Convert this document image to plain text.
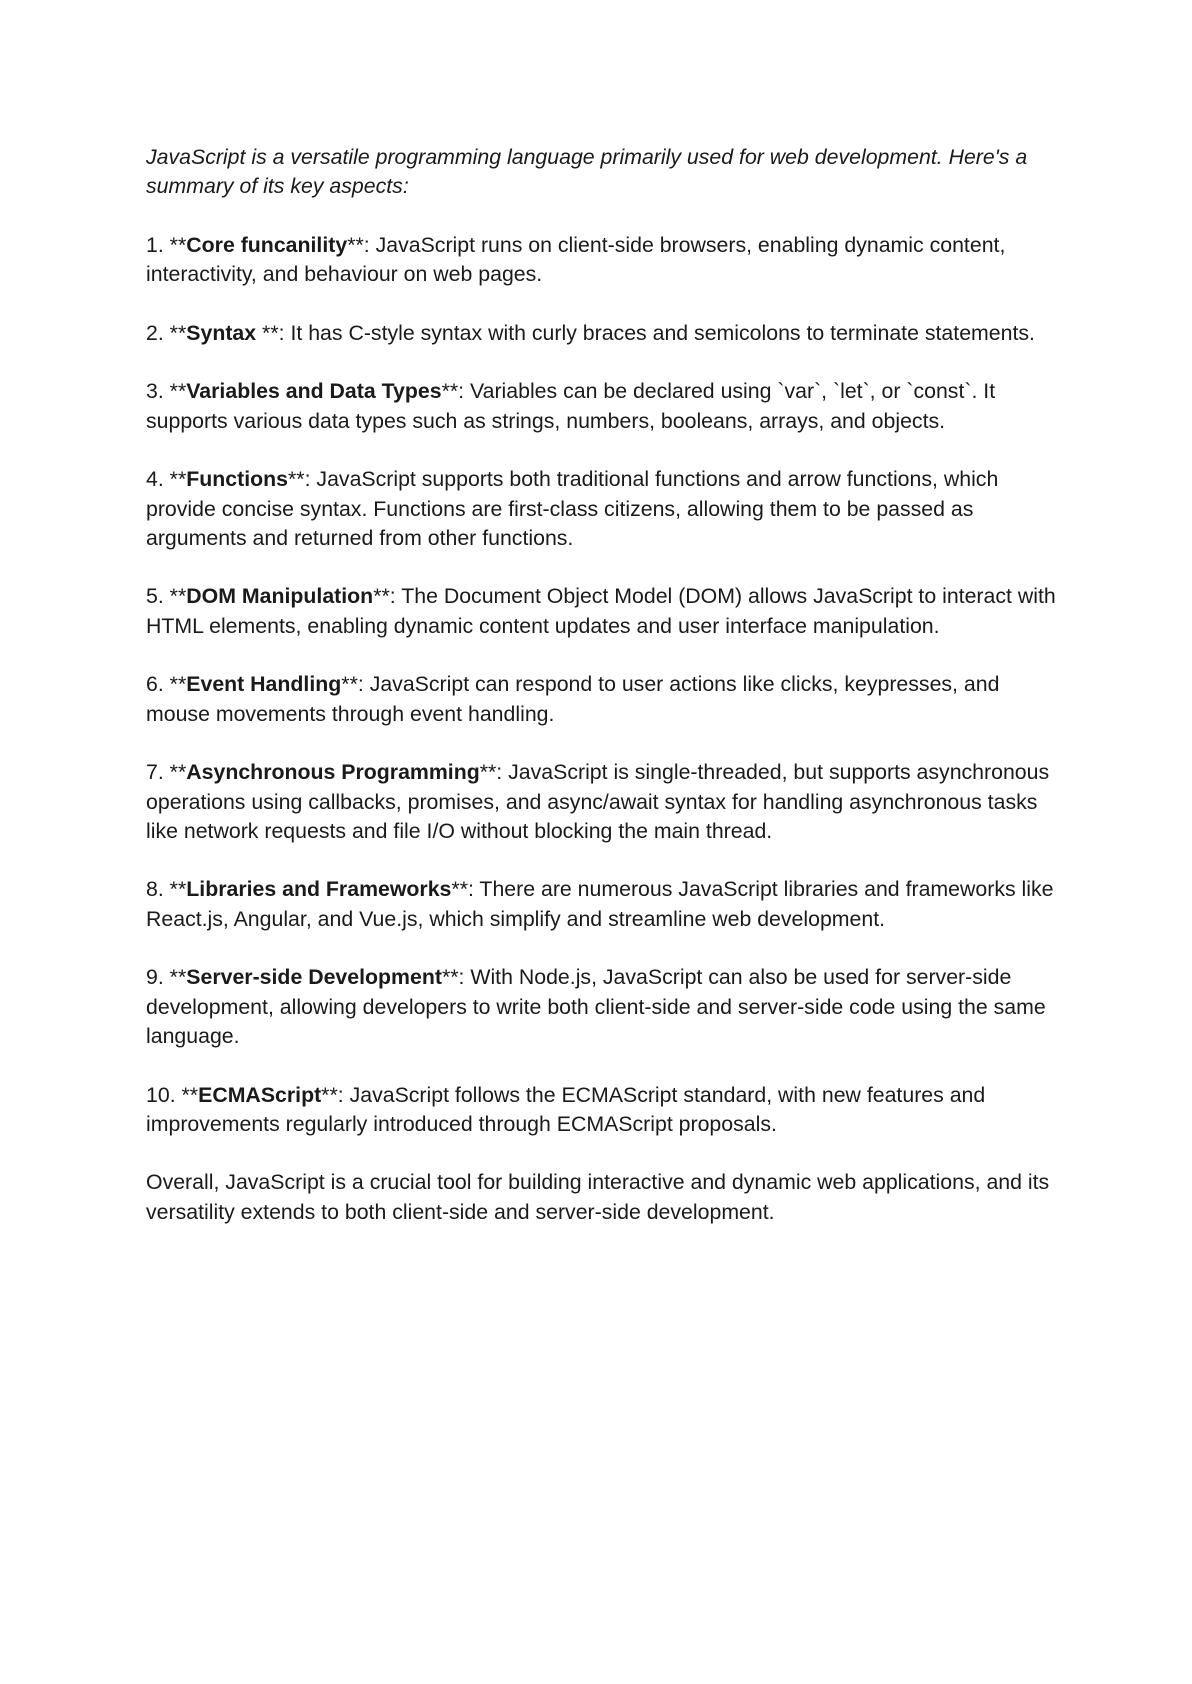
JavaScript is a versatile programming language primarily used for web development. Here's a summary of its key aspects:

1. **Core funcanility**: JavaScript runs on client-side browsers, enabling dynamic content, interactivity, and behaviour on web pages.

2. **Syntax **: It has C-style syntax with curly braces and semicolons to terminate statements.

3. **Variables and Data Types**: Variables can be declared using `var`, `let`, or `const`. It supports various data types such as strings, numbers, booleans, arrays, and objects.

4. **Functions**: JavaScript supports both traditional functions and arrow functions, which provide concise syntax. Functions are first-class citizens, allowing them to be passed as arguments and returned from other functions.

5. **DOM Manipulation**: The Document Object Model (DOM) allows JavaScript to interact with HTML elements, enabling dynamic content updates and user interface manipulation.

6. **Event Handling**: JavaScript can respond to user actions like clicks, keypresses, and mouse movements through event handling.

7. **Asynchronous Programming**: JavaScript is single-threaded, but supports asynchronous operations using callbacks, promises, and async/await syntax for handling asynchronous tasks like network requests and file I/O without blocking the main thread.

8. **Libraries and Frameworks**: There are numerous JavaScript libraries and frameworks like React.js, Angular, and Vue.js, which simplify and streamline web development.

9. **Server-side Development**: With Node.js, JavaScript can also be used for server-side development, allowing developers to write both client-side and server-side code using the same language.

10. **ECMAScript**: JavaScript follows the ECMAScript standard, with new features and improvements regularly introduced through ECMAScript proposals.

Overall, JavaScript is a crucial tool for building interactive and dynamic web applications, and its versatility extends to both client-side and server-side development.
